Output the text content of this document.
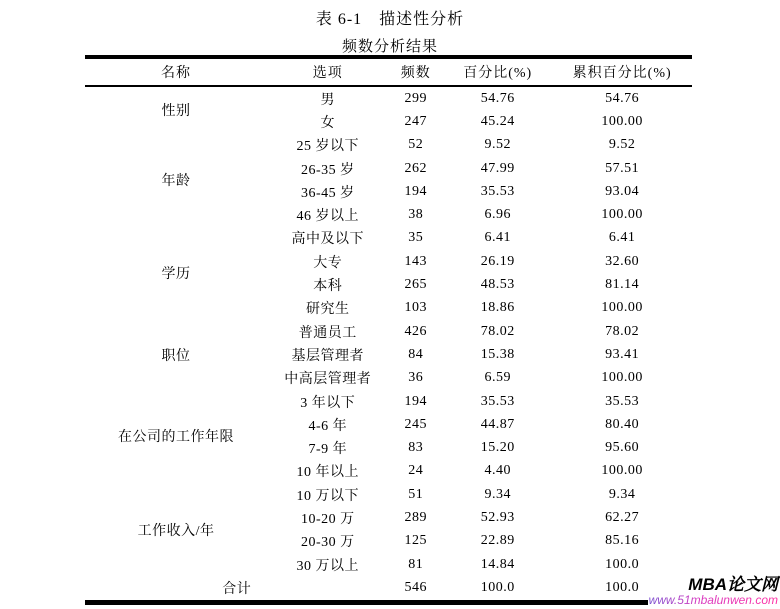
表 6-1　描述性分析
频数分析结果
名称	选项	频数	百分比(%)	累积百分比(%)
性别	男	299	54.76	54.76
	女	247	45.24	100.00
年龄	25 岁以下	52	9.52	9.52
	26-35 岁	262	47.99	57.51
	36-45 岁	194	35.53	93.04
	46 岁以上	38	6.96	100.00
学历	高中及以下	35	6.41	6.41
	大专	143	26.19	32.60
	本科	265	48.53	81.14
	研究生	103	18.86	100.00
职位	普通员工	426	78.02	78.02
	基层管理者	84	15.38	93.41
	中高层管理者	36	6.59	100.00
在公司的工作年限	3 年以下	194	35.53	35.53
	4-6 年	245	44.87	80.40
	7-9 年	83	15.20	95.60
	10 年以上	24	4.40	100.00
工作收入/年	10 万以下	51	9.34	9.34
	10-20 万	289	52.93	62.27
	20-30 万	125	22.89	85.16
	30 万以上	81	14.84	100.0
合计		546	100.0	100.0	MBA论文网
www.51mbalunwen.com
